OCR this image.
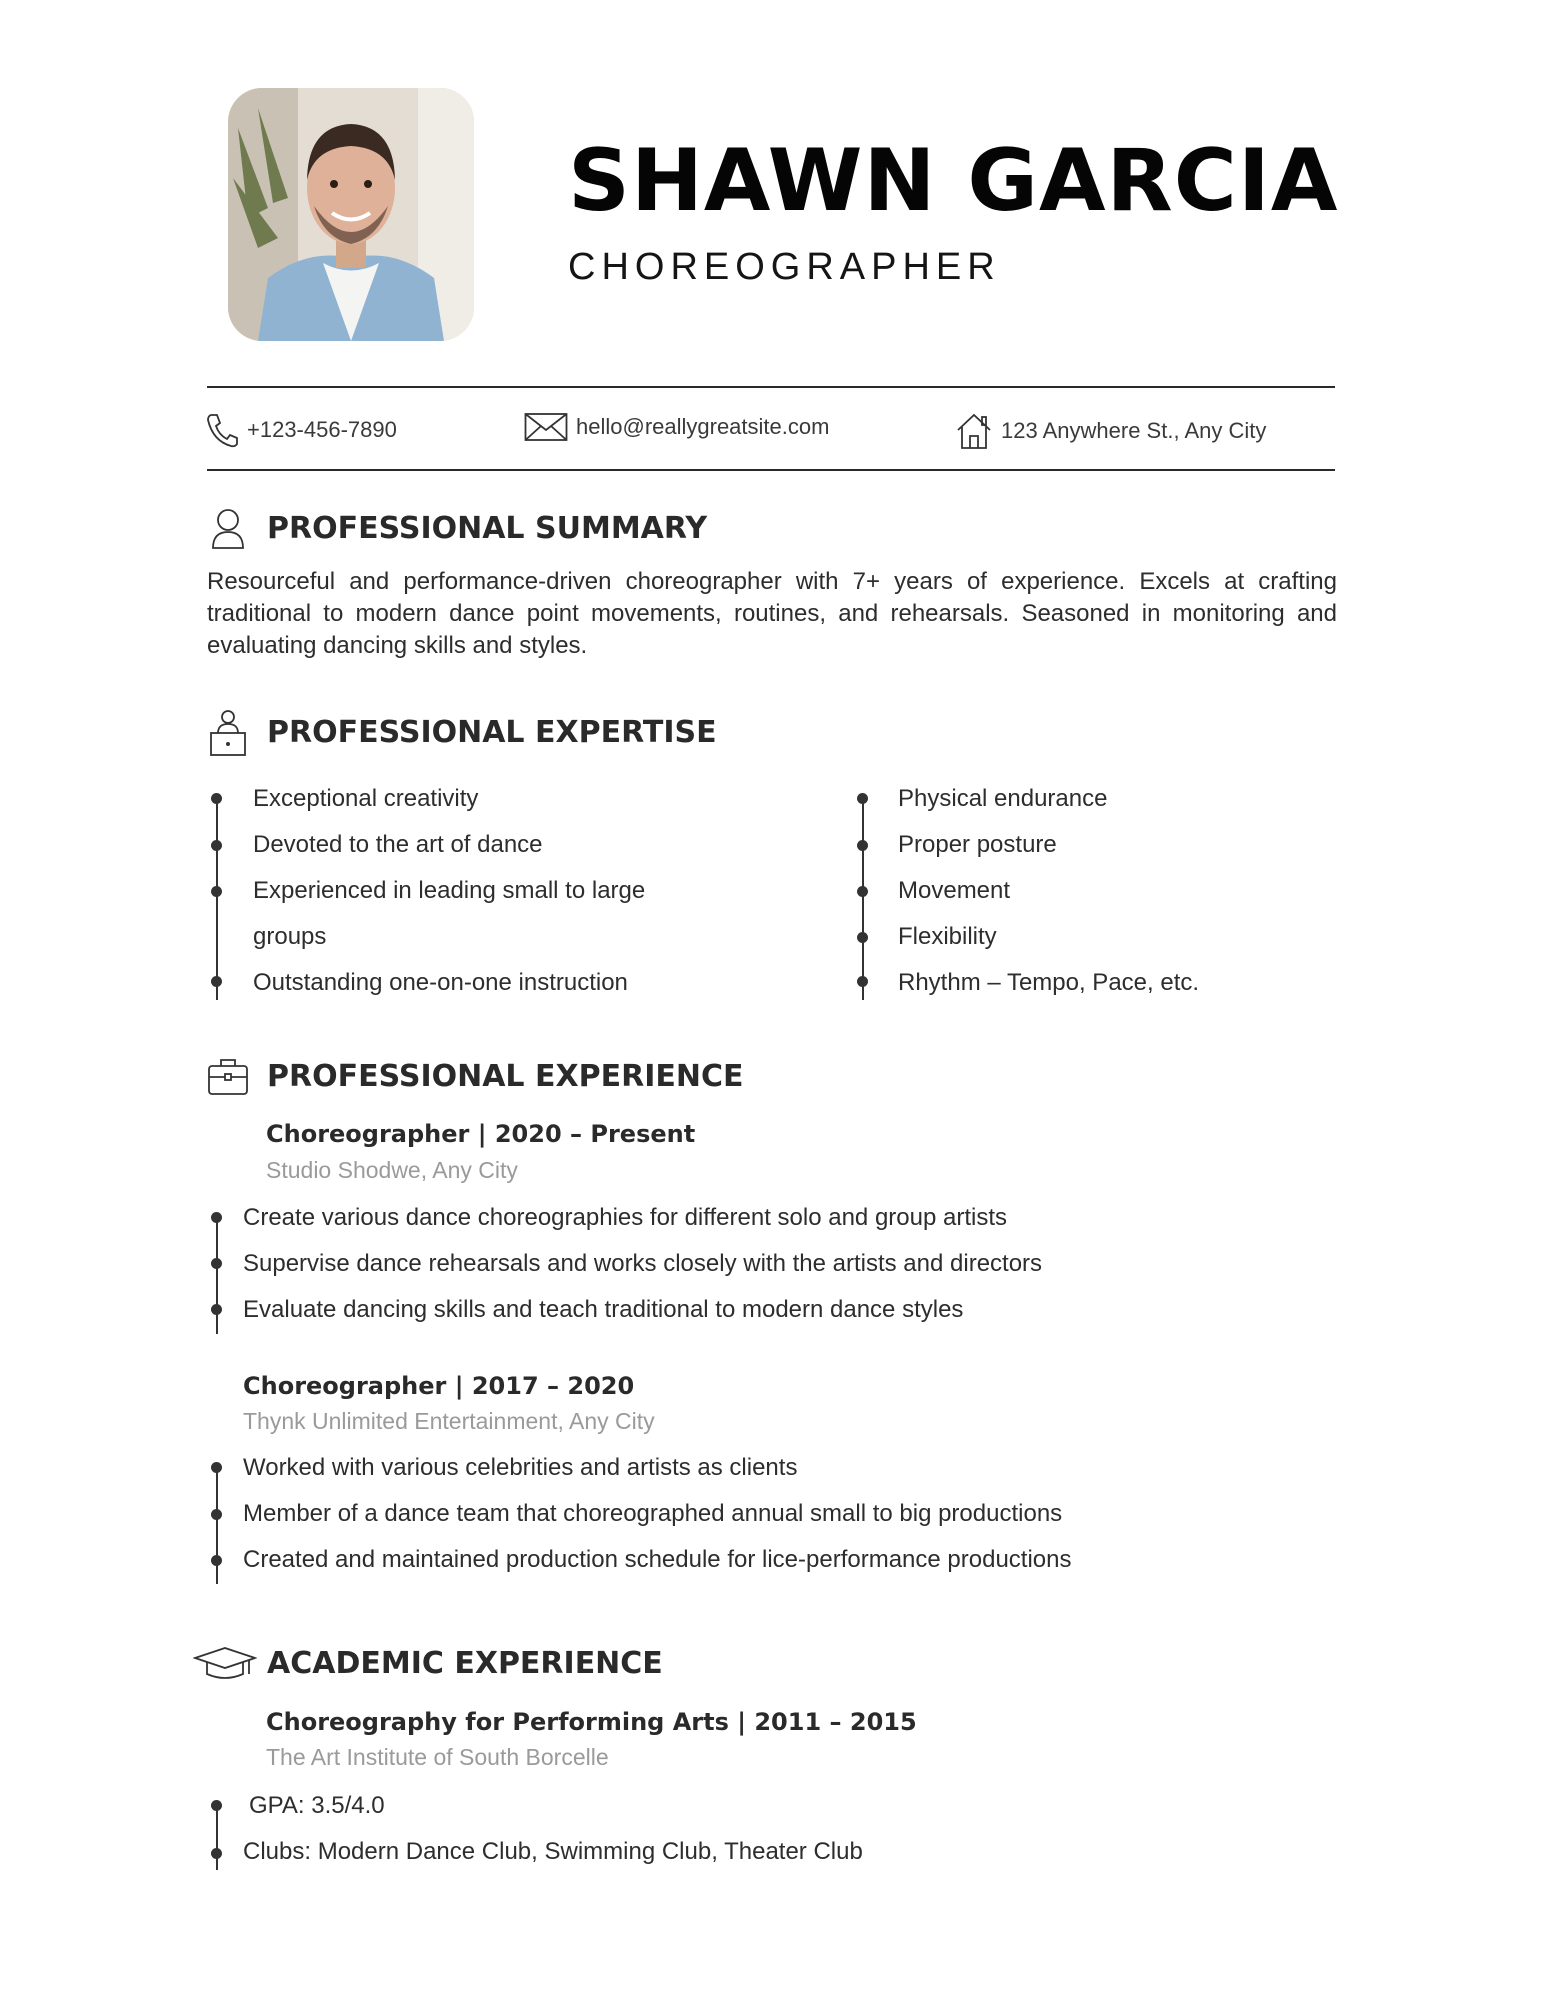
SHAWN GARCIA
CHOREOGRAPHER
+123-456-7890	hello@reallygreatsite.com	123 Anywhere St., Any City
PROFESSIONAL SUMMARY
Resourceful and performance-driven choreographer with 7+ years of experience. Excels at crafting traditional to modern dance point movements, routines, and rehearsals. Seasoned in monitoring and evaluating dancing skills and styles.
PROFESSIONAL EXPERTISE
Exceptional creativity
Devoted to the art of dance
Experienced in leading small to large
groups
Outstanding one-on-one instruction
Physical endurance
Proper posture
Movement
Flexibility
Rhythm – Tempo, Pace, etc.
PROFESSIONAL EXPERIENCE
Choreographer | 2020 – Present
Studio Shodwe, Any City
Create various dance choreographies for different solo and group artists
Supervise dance rehearsals and works closely with the artists and directors
Evaluate dancing skills and teach traditional to modern dance styles
Choreographer | 2017 – 2020
Thynk Unlimited Entertainment, Any City
Worked with various celebrities and artists as clients
Member of a dance team that choreographed annual small to big productions
Created and maintained production schedule for lice-performance productions
ACADEMIC EXPERIENCE
Choreography for Performing Arts | 2011 – 2015
The Art Institute of South Borcelle
GPA: 3.5/4.0
Clubs: Modern Dance Club, Swimming Club, Theater Club
